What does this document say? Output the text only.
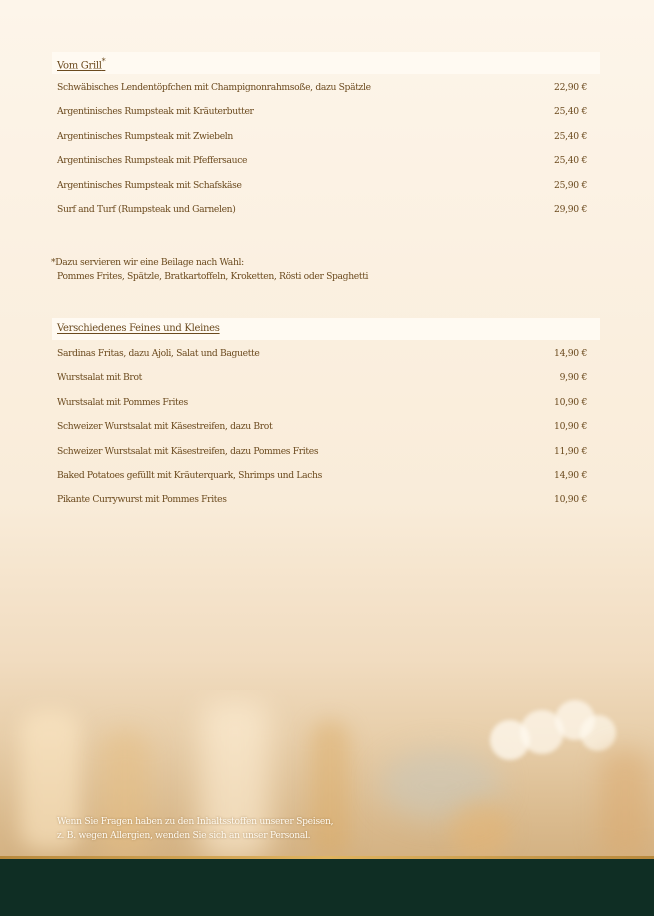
Vom Grill*
Schwäbisches Lendentöpfchen mit Champignonrahmsoße, dazu Spätzle	22,90 €
Argentinisches Rumpsteak mit Kräuterbutter	25,40 €
Argentinisches Rumpsteak mit Zwiebeln	25,40 €
Argentinisches Rumpsteak mit Pfeffersauce	25,40 €
Argentinisches Rumpsteak mit Schafskäse	25,90 €
Surf and Turf (Rumpsteak und Garnelen)	29,90 €
*Dazu servieren wir eine Beilage nach Wahl:
Pommes Frites, Spätzle, Bratkartoffeln, Kroketten, Rösti oder Spaghetti
Verschiedenes Feines und Kleines
Sardinas Fritas, dazu Ajoli, Salat und Baguette	14,90 €
Wurstsalat mit Brot	9,90 €
Wurstsalat mit Pommes Frites	10,90 €
Schweizer Wurstsalat mit Käsestreifen, dazu Brot	10,90 €
Schweizer Wurstsalat mit Käsestreifen, dazu Pommes Frites	11,90 €
Baked Potatoes gefüllt mit Kräuterquark, Shrimps und Lachs	14,90 €
Pikante Currywurst mit Pommes Frites	10,90 €
Wenn Sie Fragen haben zu den Inhaltsstoffen unserer Speisen,
z. B. wegen Allergien, wenden Sie sich an unser Personal.
